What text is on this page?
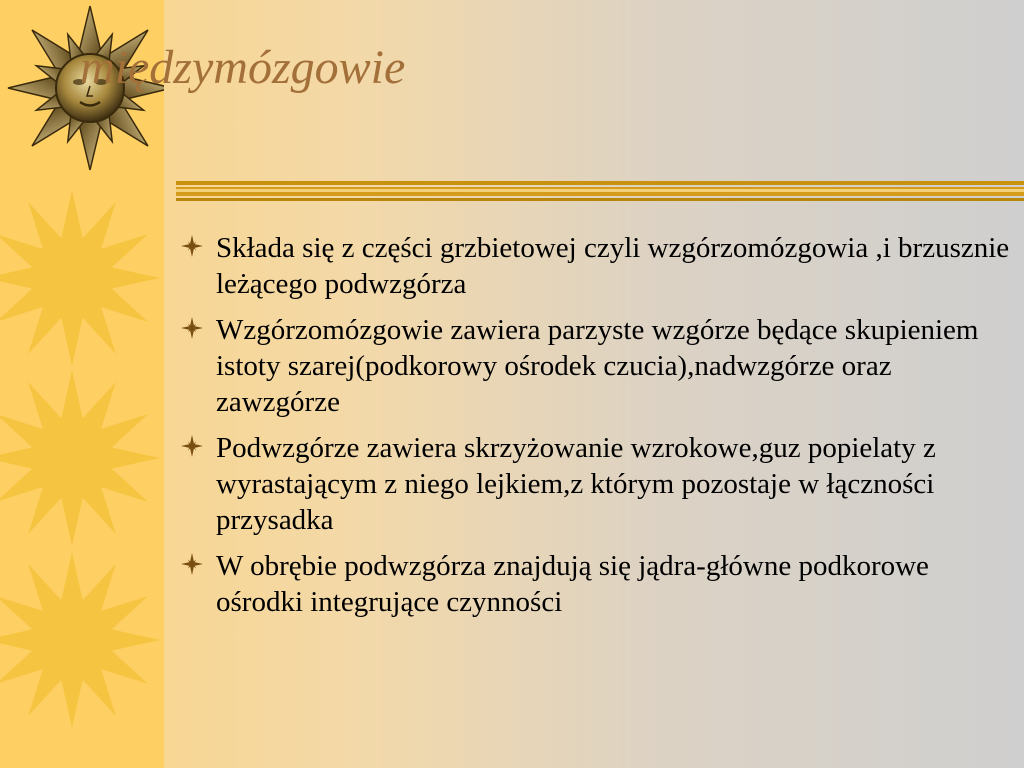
międzymózgowie
Składa się z części grzbietowej czyli wzgórzomózgowia ,i brzusznie leżącego podwzgórza
Wzgórzomózgowie zawiera parzyste wzgórze będące skupieniem istoty szarej(podkorowy ośrodek czucia),nadwzgórze oraz zawzgórze
Podwzgórze zawiera skrzyżowanie wzrokowe,guz popielaty z wyrastającym z niego lejkiem,z którym pozostaje w łączności przysadka
W obrębie podwzgórza znajdują się jądra-główne podkorowe ośrodki integrujące czynności
